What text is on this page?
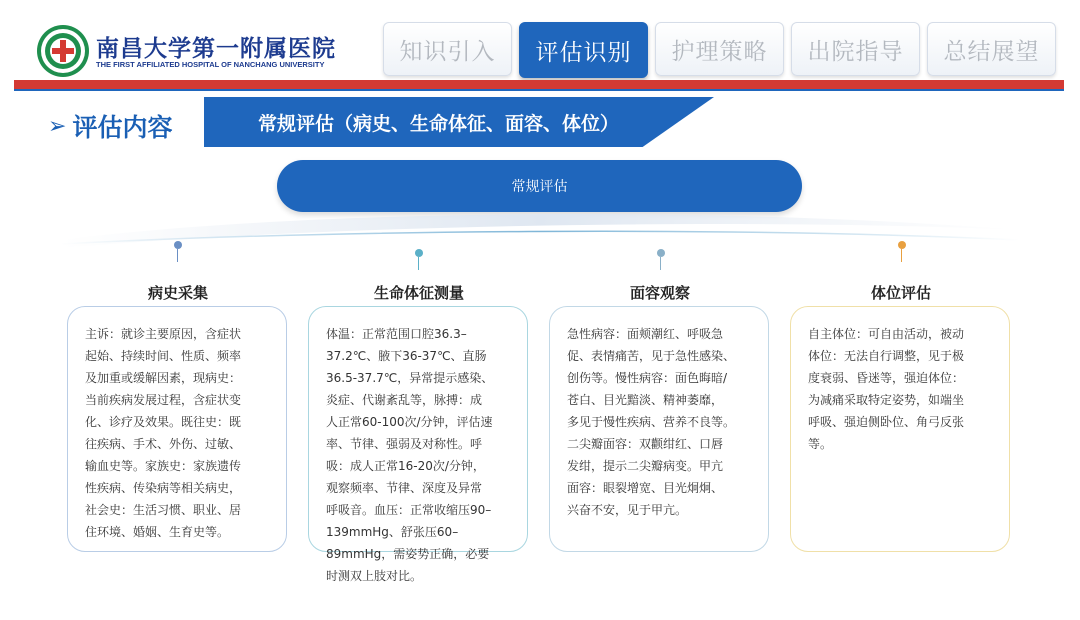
南昌大学第一附属医院
THE FIRST AFFILIATED HOSPITAL OF NANCHANG UNIVERSITY	知识引入	评估识别	护理策略	出院指导	总结展望
➢ 评估内容	常规评估（病史、生命体征、面容、体位）
常规评估
病史采集	生命体征测量	面容观察	体位评估
主诉：就诊主要原因，含症状
起始、持续时间、性质、频率
及加重或缓解因素，现病史：
当前疾病发展过程，含症状变
化、诊疗及效果。既往史：既
往疾病、手术、外伤、过敏、
输血史等。家族史：家族遗传
性疾病、传染病等相关病史，
社会史：生活习惯、职业、居
住环境、婚姻、生育史等。
体温：正常范围口腔36.3–
37.2℃、腋下36-37℃、直肠
36.5-37.7℃，异常提示感染、
炎症、代谢紊乱等，脉搏：成
人正常60-100次/分钟，评估速
率、节律、强弱及对称性。呼
吸：成人正常16-20次/分钟，
观察频率、节律、深度及异常
呼吸音。血压：正常收缩压90–
139mmHg、舒张压60–
89mmHg，需姿势正确，必要
时测双上肢对比。
急性病容：面颊潮红、呼吸急
促、表情痛苦，见于急性感染、
创伤等。慢性病容：面色晦暗/
苍白、目光黯淡、精神萎靡，
多见于慢性疾病、营养不良等。
二尖瓣面容：双颧绀红、口唇
发绀，提示二尖瓣病变。甲亢
面容：眼裂增宽、目光炯炯、
兴奋不安，见于甲亢。
自主体位：可自由活动，被动
体位：无法自行调整，见于极
度衰弱、昏迷等，强迫体位：
为减痛采取特定姿势，如端坐
呼吸、强迫侧卧位、角弓反张
等。
